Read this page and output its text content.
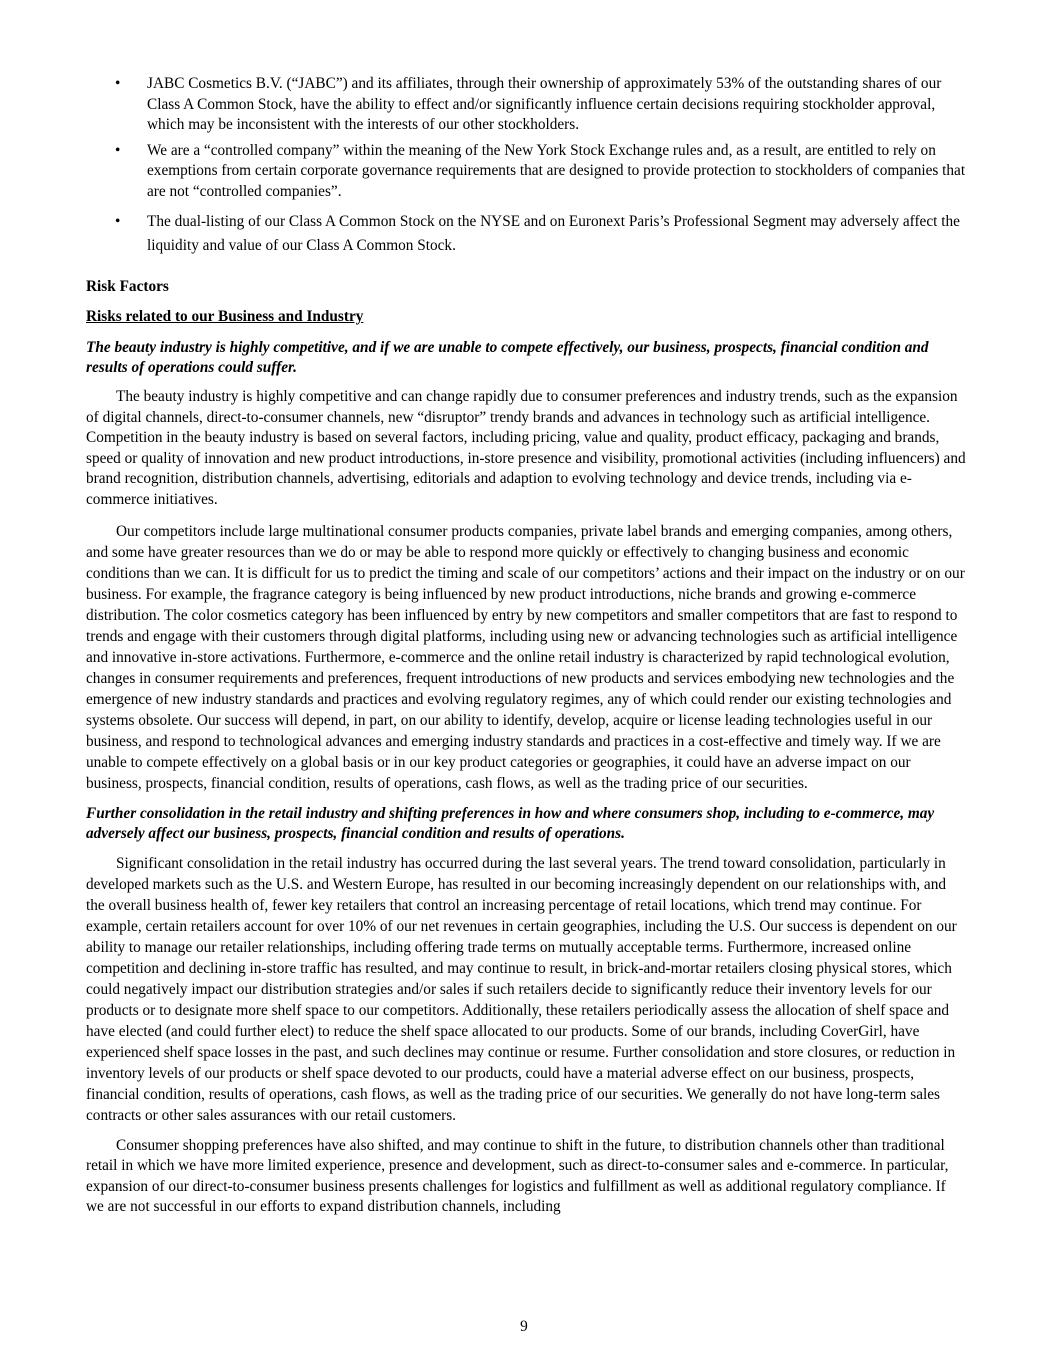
• JABC Cosmetics B.V. (“JABC”) and its affiliates, through their ownership of approximately 53% of the outstanding shares of our Class A Common Stock, have the ability to effect and/or significantly influence certain decisions requiring stockholder approval, which may be inconsistent with the interests of our other stockholders.
• We are a “controlled company” within the meaning of the New York Stock Exchange rules and, as a result, are entitled to rely on exemptions from certain corporate governance requirements that are designed to provide protection to stockholders of companies that are not “controlled companies”.
• The dual-listing of our Class A Common Stock on the NYSE and on Euronext Paris’s Professional Segment may adversely affect the liquidity and value of our Class A Common Stock.
Risk Factors
Risks related to our Business and Industry
The beauty industry is highly competitive, and if we are unable to compete effectively, our business, prospects, financial condition and results of operations could suffer.

The beauty industry is highly competitive and can change rapidly due to consumer preferences and industry trends, such as the expansion of digital channels, direct-to-consumer channels, new “disruptor” trendy brands and advances in technology such as artificial intelligence. Competition in the beauty industry is based on several factors, including pricing, value and quality, product efficacy, packaging and brands, speed or quality of innovation and new product introductions, in-store presence and visibility, promotional activities (including influencers) and brand recognition, distribution channels, advertising, editorials and adaption to evolving technology and device trends, including via e-commerce initiatives.

Our competitors include large multinational consumer products companies, private label brands and emerging companies, among others, and some have greater resources than we do or may be able to respond more quickly or effectively to changing business and economic conditions than we can. It is difficult for us to predict the timing and scale of our competitors’ actions and their impact on the industry or on our business. For example, the fragrance category is being influenced by new product introductions, niche brands and growing e-commerce distribution. The color cosmetics category has been influenced by entry by new competitors and smaller competitors that are fast to respond to trends and engage with their customers through digital platforms, including using new or advancing technologies such as artificial intelligence and innovative in-store activations. Furthermore, e-commerce and the online retail industry is characterized by rapid technological evolution, changes in consumer requirements and preferences, frequent introductions of new products and services embodying new technologies and the emergence of new industry standards and practices and evolving regulatory regimes, any of which could render our existing technologies and systems obsolete. Our success will depend, in part, on our ability to identify, develop, acquire or license leading technologies useful in our business, and respond to technological advances and emerging industry standards and practices in a cost-effective and timely way. If we are unable to compete effectively on a global basis or in our key product categories or geographies, it could have an adverse impact on our business, prospects, financial condition, results of operations, cash flows, as well as the trading price of our securities.

Further consolidation in the retail industry and shifting preferences in how and where consumers shop, including to e-commerce, may adversely affect our business, prospects, financial condition and results of operations.

Significant consolidation in the retail industry has occurred during the last several years. The trend toward consolidation, particularly in developed markets such as the U.S. and Western Europe, has resulted in our becoming increasingly dependent on our relationships with, and the overall business health of, fewer key retailers that control an increasing percentage of retail locations, which trend may continue. For example, certain retailers account for over 10% of our net revenues in certain geographies, including the U.S. Our success is dependent on our ability to manage our retailer relationships, including offering trade terms on mutually acceptable terms. Furthermore, increased online competition and declining in-store traffic has resulted, and may continue to result, in brick-and-mortar retailers closing physical stores, which could negatively impact our distribution strategies and/or sales if such retailers decide to significantly reduce their inventory levels for our products or to designate more shelf space to our competitors. Additionally, these retailers periodically assess the allocation of shelf space and have elected (and could further elect) to reduce the shelf space allocated to our products. Some of our brands, including CoverGirl, have experienced shelf space losses in the past, and such declines may continue or resume. Further consolidation and store closures, or reduction in inventory levels of our products or shelf space devoted to our products, could have a material adverse effect on our business, prospects, financial condition, results of operations, cash flows, as well as the trading price of our securities. We generally do not have long-term sales contracts or other sales assurances with our retail customers.

Consumer shopping preferences have also shifted, and may continue to shift in the future, to distribution channels other than traditional retail in which we have more limited experience, presence and development, such as direct-to-consumer sales and e-commerce. In particular, expansion of our direct-to-consumer business presents challenges for logistics and fulfillment as well as additional regulatory compliance. If we are not successful in our efforts to expand distribution channels, including

9
